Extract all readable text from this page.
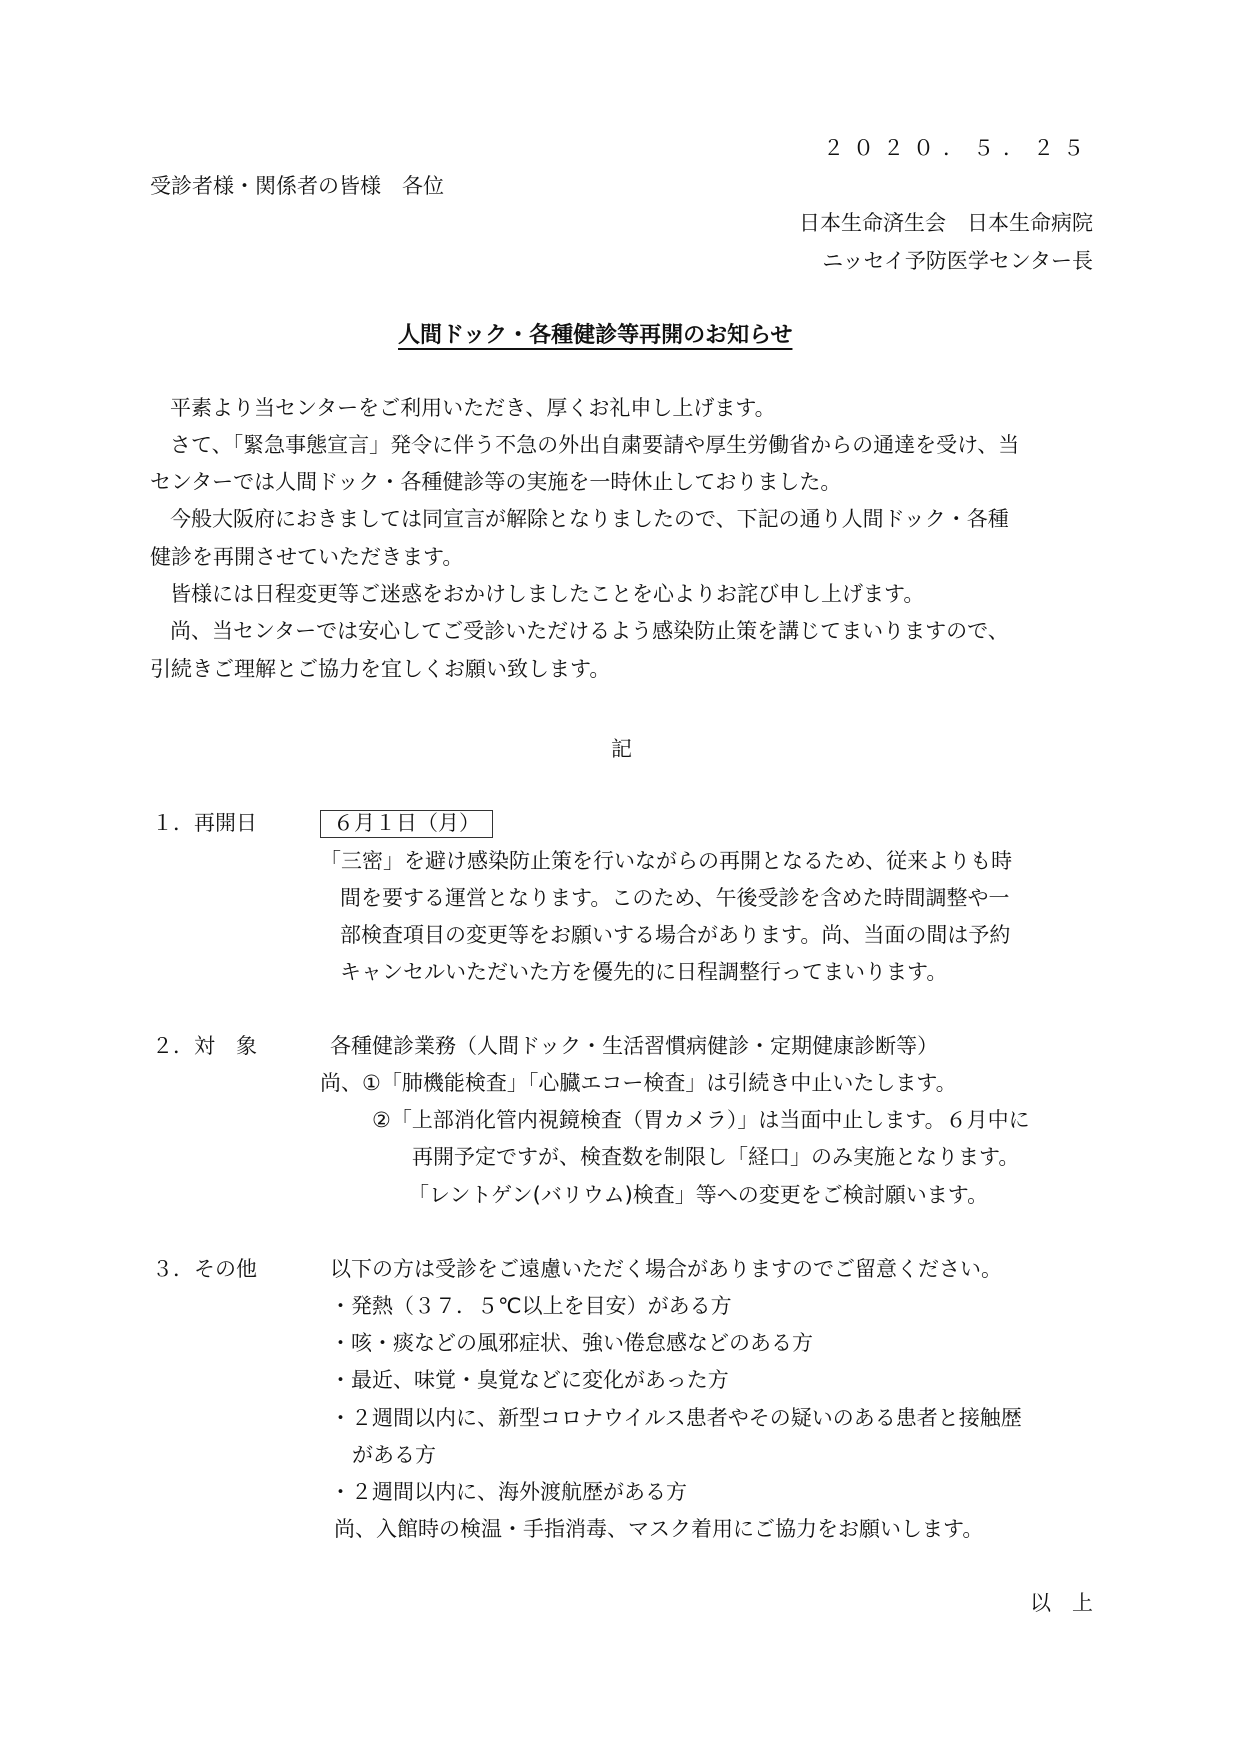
２０２０．５．２５
受診者様・関係者の皆様　各位
日本生命済生会　日本生命病院
ニッセイ予防医学センター長
人間ドック・各種健診等再開のお知らせ
平素より当センターをご利用いただき、厚くお礼申し上げます。
さて、「緊急事態宣言」発令に伴う不急の外出自粛要請や厚生労働省からの通達を受け、当
センターでは人間ドック・各種健診等の実施を一時休止しておりました。
今般大阪府におきましては同宣言が解除となりましたので、下記の通り人間ドック・各種
健診を再開させていただきます。
皆様には日程変更等ご迷惑をおかけしましたことを心よりお詫び申し上げます。
尚、当センターでは安心してご受診いただけるよう感染防止策を講じてまいりますので、
引続きご理解とご協力を宜しくお願い致します。
記
１．再開日	６月１日（月）
「三密」を避け感染防止策を行いながらの再開となるため、従来よりも時
間を要する運営となります。このため、午後受診を含めた時間調整や一
部検査項目の変更等をお願いする場合があります。尚、当面の間は予約
キャンセルいただいた方を優先的に日程調整行ってまいります。
２．対　象	各種健診業務（人間ドック・生活習慣病健診・定期健康診断等）
尚、①「肺機能検査」「心臓エコー検査」は引続き中止いたします。
②「上部消化管内視鏡検査（胃カメラ）」は当面中止します。６月中に
再開予定ですが、検査数を制限し「経口」のみ実施となります。
「レントゲン(バリウム)検査」等への変更をご検討願います。
３．その他	以下の方は受診をご遠慮いただく場合がありますのでご留意ください。
・発熱（３７．５℃以上を目安）がある方
・咳・痰などの風邪症状、強い倦怠感などのある方
・最近、味覚・臭覚などに変化があった方
・２週間以内に、新型コロナウイルス患者やその疑いのある患者と接触歴
がある方
・２週間以内に、海外渡航歴がある方
尚、入館時の検温・手指消毒、マスク着用にご協力をお願いします。
以　上
